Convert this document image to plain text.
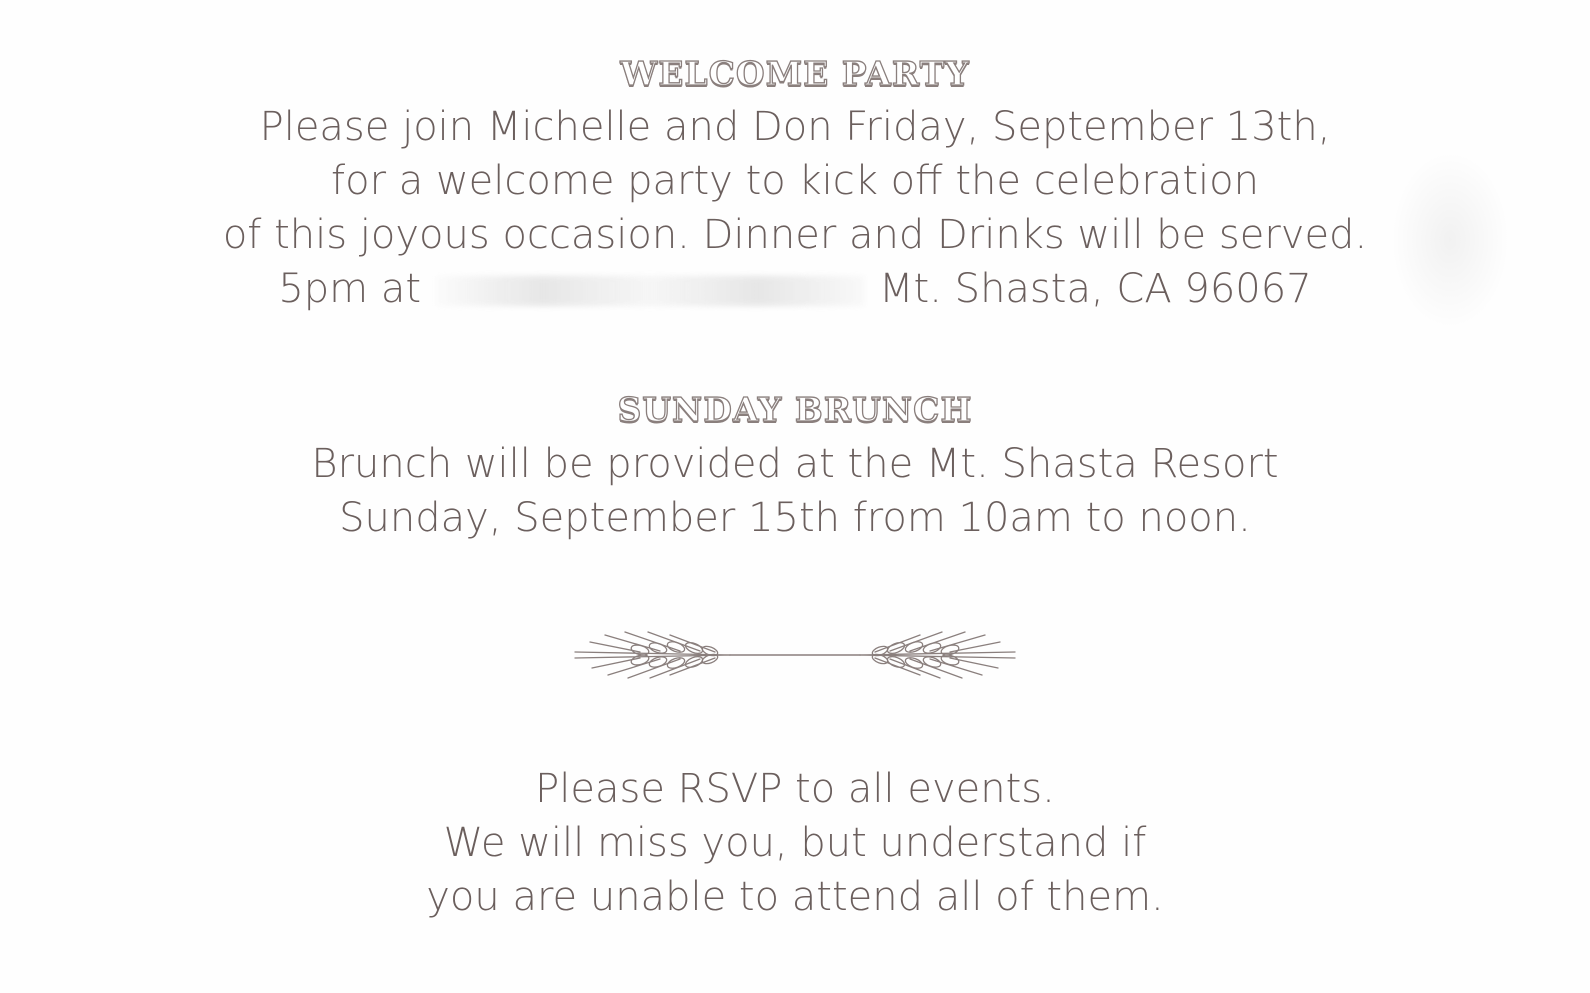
WELCOME PARTY
Please join Michelle and Don Friday, September 13th,
for a welcome party to kick off the celebration
of this joyous occasion. Dinner and Drinks will be served.
5pm at	Mt. Shasta, CA 96067
SUNDAY BRUNCH
Brunch will be provided at the Mt. Shasta Resort
Sunday, September 15th from 10am to noon.
Please RSVP to all events.
We will miss you, but understand if
you are unable to attend all of them.
